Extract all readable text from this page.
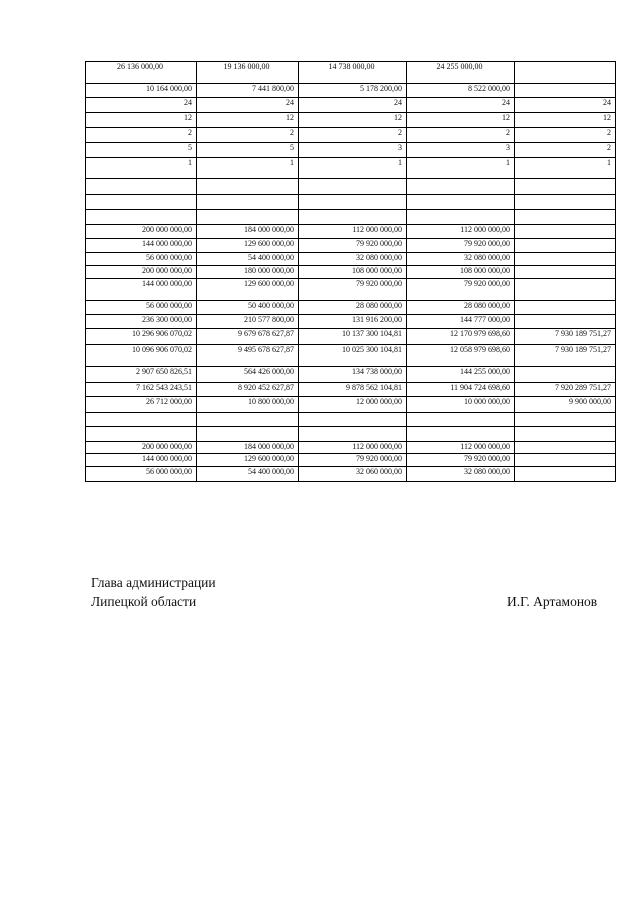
26 136 000,00	19 136 000,00	14 738 000,00	24 255 000,00	
10 164 000,00	7 441 800,00	5 178 200,00	8 522 000,00	
24	24	24	24	24
12	12	12	12	12
2	2	2	2	2
5	5	3	3	2
1	1	1	1	1

200 000 000,00	184 000 000,00	112 000 000,00	112 000 000,00	
144 000 000,00	129 600 000,00	79 920 000,00	79 920 000,00	
56 000 000,00	54 400 000,00	32 080 000,00	32 080 000,00	
200 000 000,00	180 000 000,00	108 000 000,00	108 000 000,00	
144 000 000,00	129 600 000,00	79 920 000,00	79 920 000,00	
56 000 000,00	50 400 000,00	28 080 000,00	28 080 000,00	
236 300 000,00	210 577 800,00	131 916 200,00	144 777 000,00	
10 296 906 070,02	9 679 678 627,87	10 137 300 104,81	12 170 979 698,60	7 930 189 751,27
10 096 906 070,02	9 495 678 627,87	10 025 300 104,81	12 058 979 698,60	7 930 189 751,27
2 907 650 826,51	564 426 000,00	134 738 000,00	144 255 000,00	
7 162 543 243,51	8 920 452 627,87	9 878 562 104,81	11 904 724 698,60	7 920 289 751,27
26 712 000,00	10 800 000,00	12 000 000,00	10 000 000,00	9 900 000,00

200 000 000,00	184 000 000,00	112 000 000,00	112 000 000,00	
144 000 000,00	129 600 000,00	79 920 000,00	79 920 000,00	
56 000 000,00	54 400 000,00	32 060 000,00	32 080 000,00	
Глава администрации
Липецкой области	И.Г. Артамонов
